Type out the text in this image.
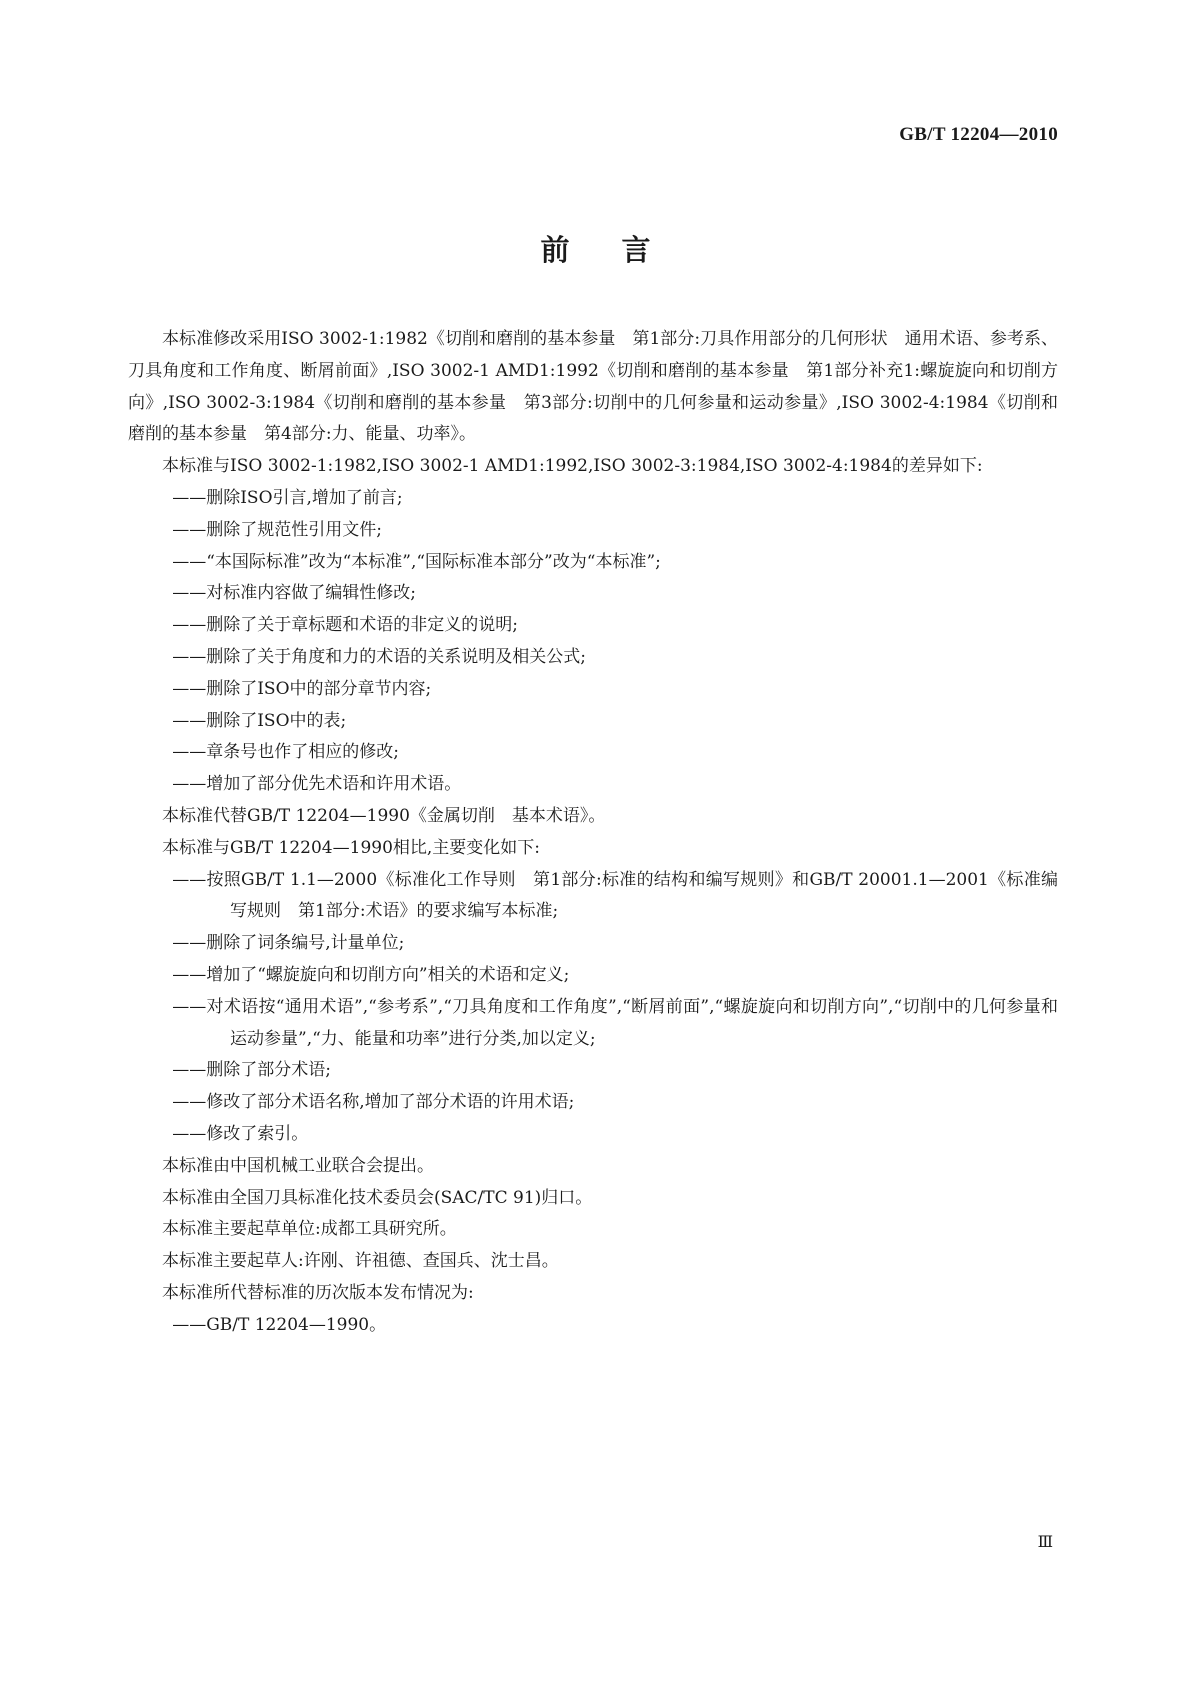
GB/T 12204—2010
前言

本标准修改采用ISO 3002-1:1982《切削和磨削的基本参量　第1部分:刀具作用部分的几何形状　通用术语、参考系、刀具角度和工作角度、断屑前面》,ISO 3002-1 AMD1:1992《切削和磨削的基本参量　第1部分补充1:螺旋旋向和切削方向》,ISO 3002-3:1984《切削和磨削的基本参量　第3部分:切削中的几何参量和运动参量》,ISO 3002-4:1984《切削和磨削的基本参量　第4部分:力、能量、功率》。

本标准与ISO 3002-1:1982,ISO 3002-1 AMD1:1992,ISO 3002-3:1984,ISO 3002-4:1984的差异如下:

——删除ISO引言,增加了前言;

——删除了规范性引用文件;

——“本国际标准”改为“本标准”,“国际标准本部分”改为“本标准”;

——对标准内容做了编辑性修改;

——删除了关于章标题和术语的非定义的说明;

——删除了关于角度和力的术语的关系说明及相关公式;

——删除了ISO中的部分章节内容;

——删除了ISO中的表;

——章条号也作了相应的修改;

——增加了部分优先术语和许用术语。

本标准代替GB/T 12204—1990《金属切削　基本术语》。

本标准与GB/T 12204—1990相比,主要变化如下:

——按照GB/T 1.1—2000《标准化工作导则　第1部分:标准的结构和编写规则》和GB/T 20001.1—2001《标准编写规则　第1部分:术语》的要求编写本标准;

——删除了词条编号,计量单位;

——增加了“螺旋旋向和切削方向”相关的术语和定义;

——对术语按“通用术语”,“参考系”,“刀具角度和工作角度”,“断屑前面”,“螺旋旋向和切削方向”,“切削中的几何参量和运动参量”,“力、能量和功率”进行分类,加以定义;

——删除了部分术语;

——修改了部分术语名称,增加了部分术语的许用术语;

——修改了索引。

本标准由中国机械工业联合会提出。

本标准由全国刀具标准化技术委员会(SAC/TC 91)归口。

本标准主要起草单位:成都工具研究所。

本标准主要起草人:许刚、许祖德、查国兵、沈士昌。

本标准所代替标准的历次版本发布情况为:

——GB/T 12204—1990。

Ⅲ
